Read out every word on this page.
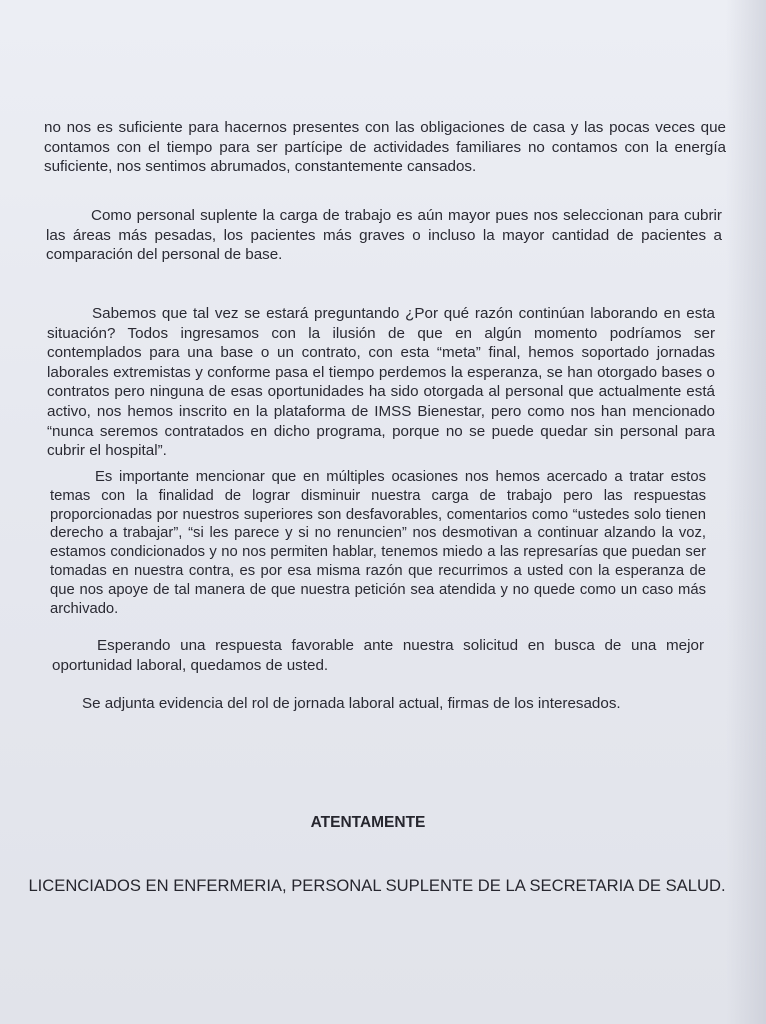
no nos es suficiente para hacernos presentes con las obligaciones de casa y las pocas veces que contamos con el tiempo para ser partícipe de actividades familiares no contamos con la energía suficiente, nos sentimos abrumados, constantemente cansados.

Como personal suplente la carga de trabajo es aún mayor pues nos seleccionan para cubrir las áreas más pesadas, los pacientes más graves o incluso la mayor cantidad de pacientes a comparación del personal de base.

Sabemos que tal vez se estará preguntando ¿Por qué razón continúan laborando en esta situación? Todos ingresamos con la ilusión de que en algún momento podríamos ser contemplados para una base o un contrato, con esta “meta” final, hemos soportado jornadas laborales extremistas y conforme pasa el tiempo perdemos la esperanza, se han otorgado bases o contratos pero ninguna de esas oportunidades ha sido otorgada al personal que actualmente está activo, nos hemos inscrito en la plataforma de IMSS Bienestar, pero como nos han mencionado “nunca seremos contratados en dicho programa, porque no se puede quedar sin personal para cubrir el hospital”.

Es importante mencionar que en múltiples ocasiones nos hemos acercado a tratar estos temas con la finalidad de lograr disminuir nuestra carga de trabajo pero las respuestas proporcionadas por nuestros superiores son desfavorables, comentarios como “ustedes solo tienen derecho a trabajar”, “si les parece y si no renuncien” nos desmotivan a continuar alzando la voz, estamos condicionados y no nos permiten hablar, tenemos miedo a las represarías que puedan ser tomadas en nuestra contra, es por esa misma razón que recurrimos a usted con la esperanza de que nos apoye de tal manera de que nuestra petición sea atendida y no quede como un caso más archivado.

Esperando una respuesta favorable ante nuestra solicitud en busca de una mejor oportunidad laboral, quedamos de usted.

Se adjunta evidencia del rol de jornada laboral actual, firmas de los interesados.

ATENTAMENTE
LICENCIADOS EN ENFERMERIA, PERSONAL SUPLENTE DE LA SECRETARIA DE SALUD.
